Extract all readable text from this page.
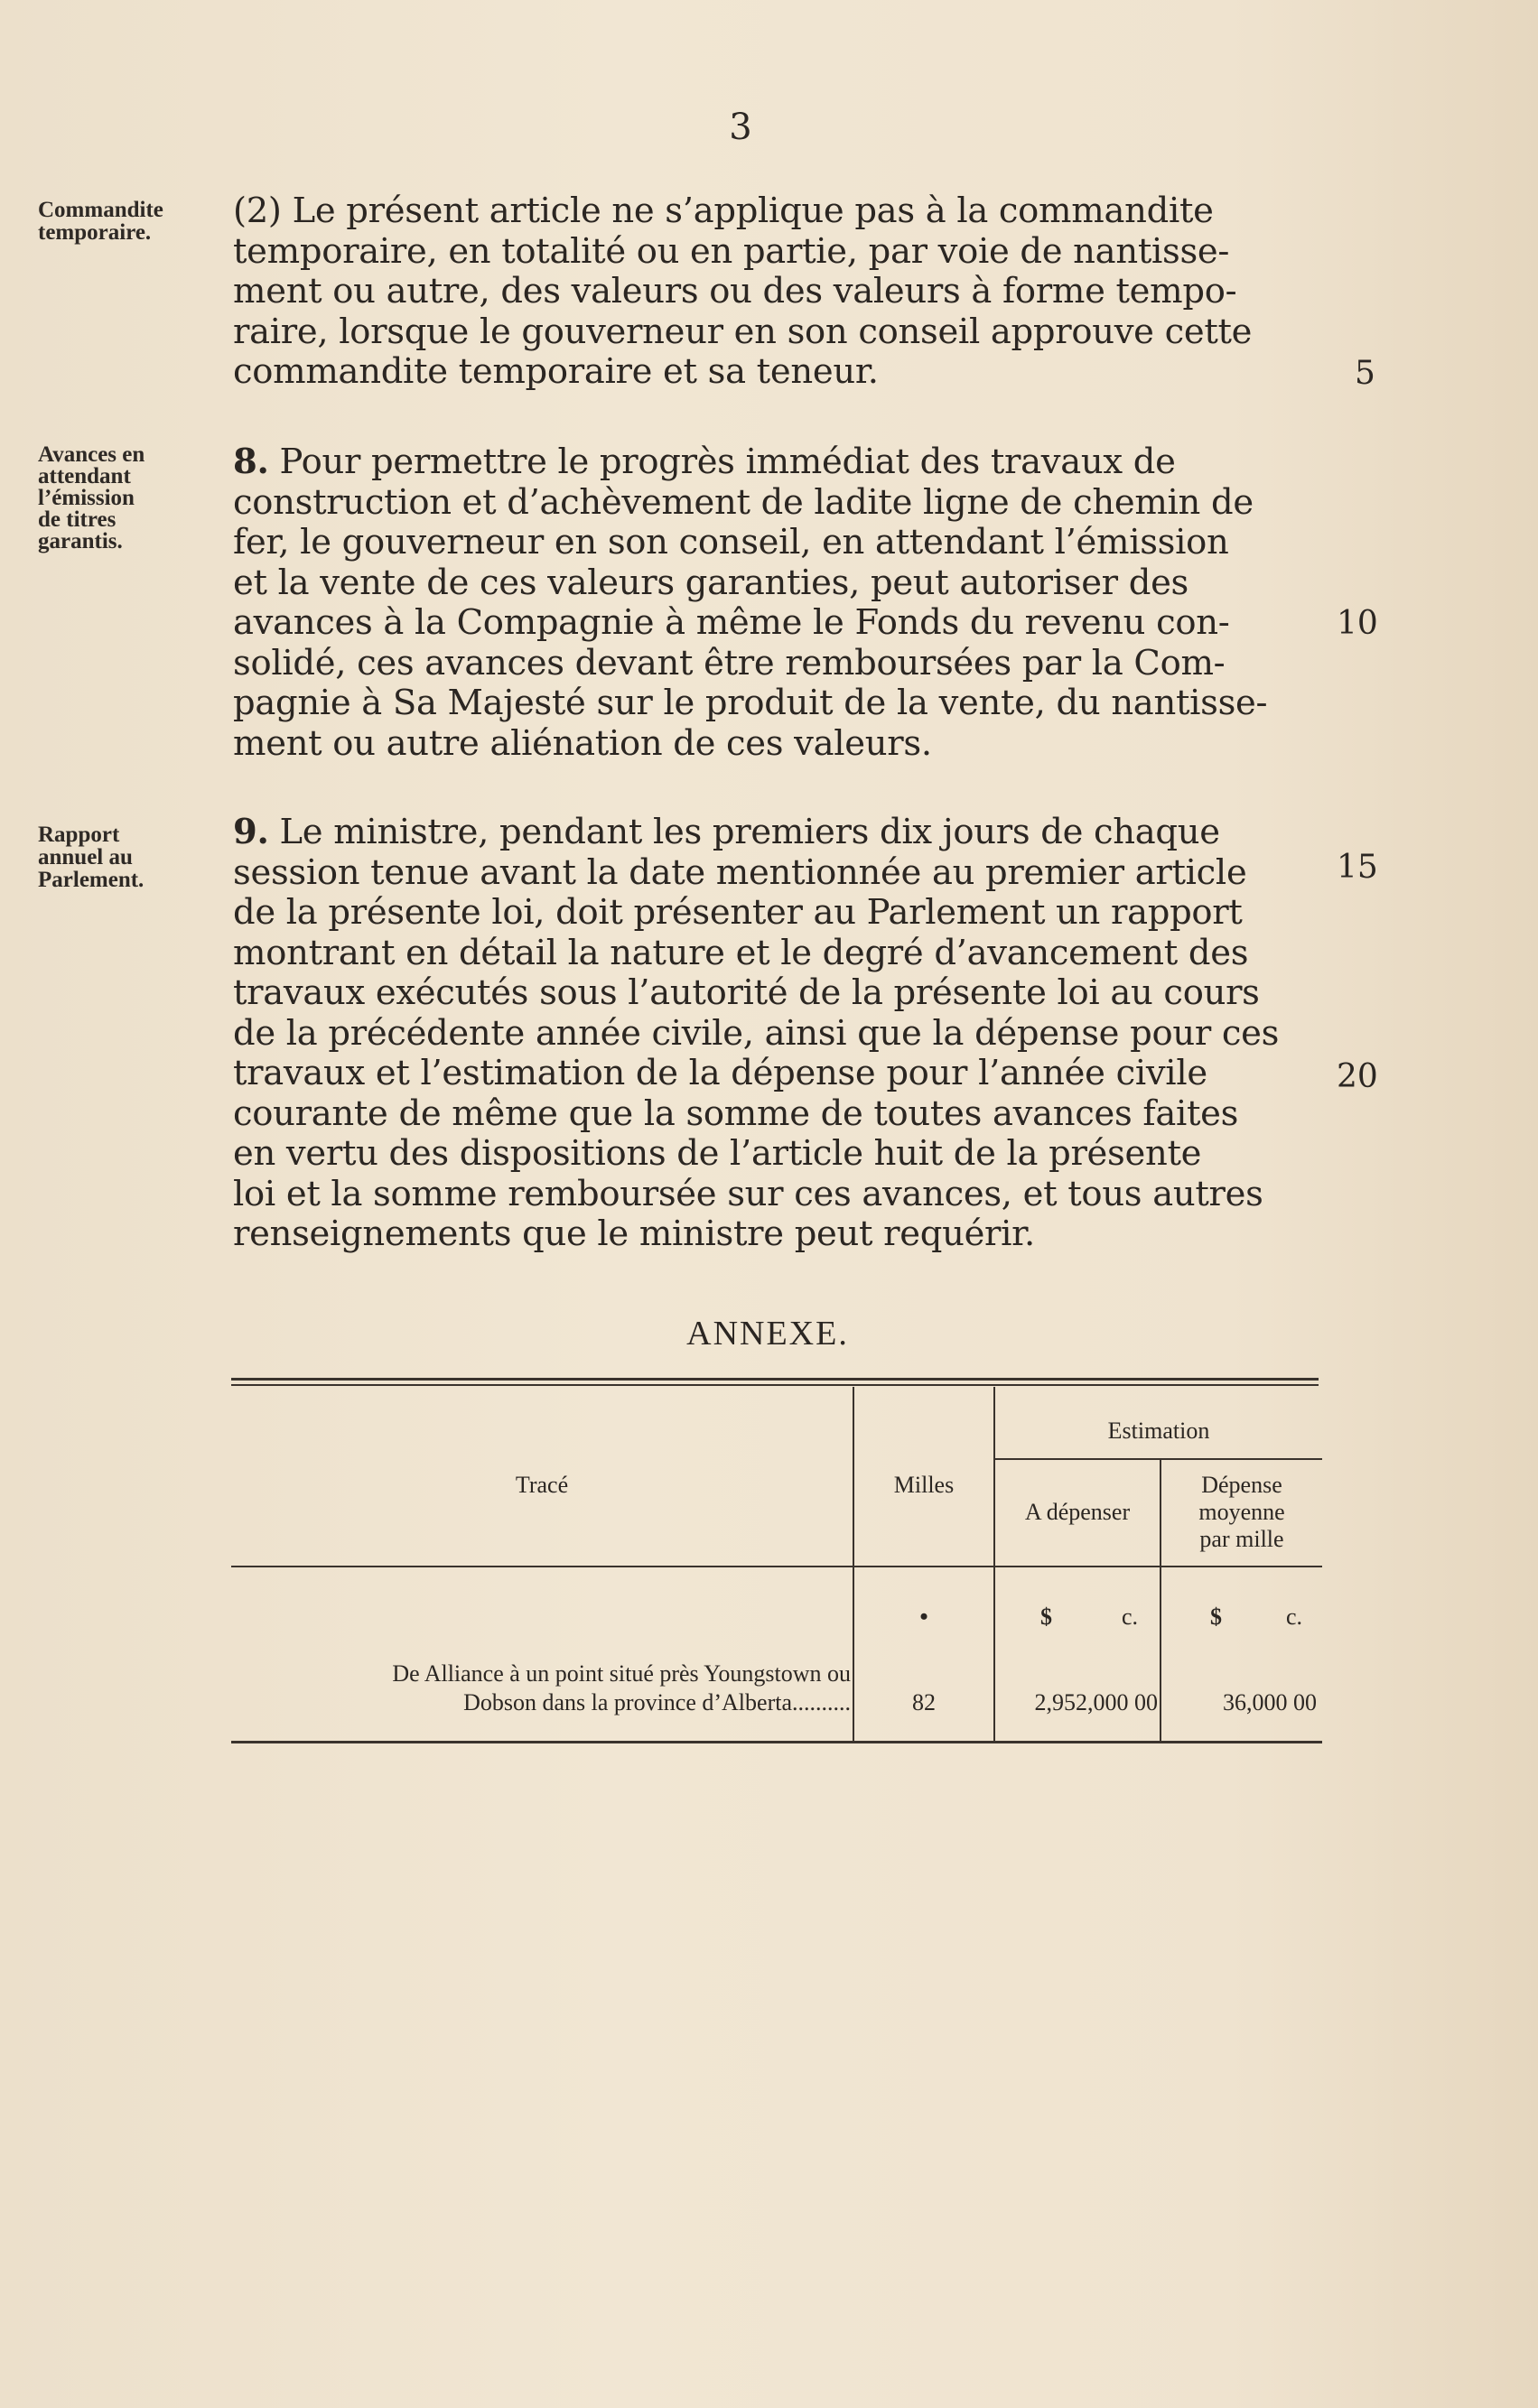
3
Commandite
temporaire.
Avances en
attendant
l’émission
de titres
garantis.
Rapport
annuel au
Parlement.
(2) Le présent article ne s’applique pas à la commandite
temporaire, en totalité ou en partie, par voie de nantisse-
ment ou autre, des valeurs ou des valeurs à forme tempo-
raire, lorsque le gouverneur en son conseil approuve cette
commandite temporaire et sa teneur.
8. Pour permettre le progrès immédiat des travaux de
construction et d’achèvement de ladite ligne de chemin de
fer, le gouverneur en son conseil, en attendant l’émission
et la vente de ces valeurs garanties, peut autoriser des
avances à la Compagnie à même le Fonds du revenu con-
solidé, ces avances devant être remboursées par la Com-
pagnie à Sa Majesté sur le produit de la vente, du nantisse-
ment ou autre aliénation de ces valeurs.
9. Le ministre, pendant les premiers dix jours de chaque
session tenue avant la date mentionnée au premier article
de la présente loi, doit présenter au Parlement un rapport
montrant en détail la nature et le degré d’avancement des
travaux exécutés sous l’autorité de la présente loi au cours
de la précédente année civile, ainsi que la dépense pour ces
travaux et l’estimation de la dépense pour l’année civile
courante de même que la somme de toutes avances faites
en vertu des dispositions de l’article huit de la présente
loi et la somme remboursée sur ces avances, et tous autres
renseignements que le ministre peut requérir.
5
10
15
20
ANNEXE.
Tracé	Milles
Estimation
A dépenser
Dépense
moyenne
par mille
•	$	c.	$	c.
De Alliance à un point situé près Youngstown ou
Dobson dans la province d’Alberta..........	82	2,952,000 00	36,000 00
